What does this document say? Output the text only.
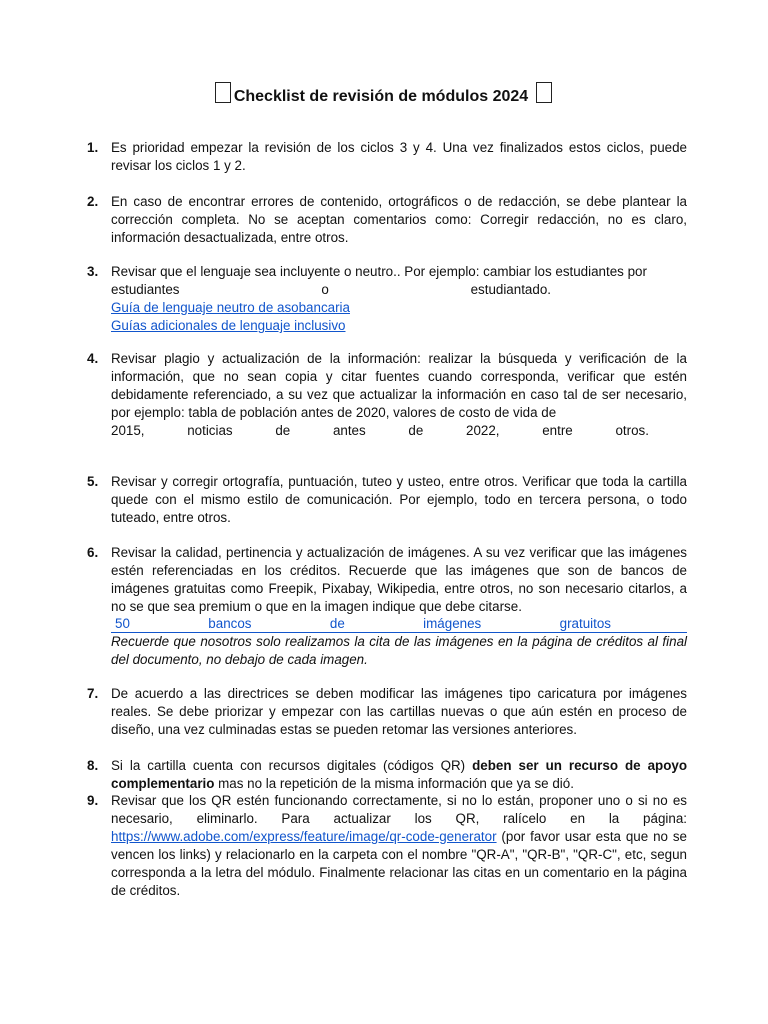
Checklist de revisión de módulos 2024
1. Es prioridad empezar la revisión de los ciclos 3 y 4. Una vez finalizados estos ciclos, puede revisar los ciclos 1 y 2.
2. En caso de encontrar errores de contenido, ortográficos o de redacción, se debe plantear la corrección completa. No se aceptan comentarios como: Corregir redacción, no es claro, información desactualizada, entre otros.
3. Revisar que el lenguaje sea incluyente o neutro.. Por ejemplo: cambiar los estudiantes por
estudiantes	o	estudiantado.
Guía de lenguaje neutro de asobancaria
Guías adicionales de lenguaje inclusivo
4. Revisar plagio y actualización de la información: realizar la búsqueda y verificación de la información, que no sean copia y citar fuentes cuando corresponda, verificar que estén debidamente referenciado, a su vez que actualizar la información en caso tal de ser necesario, por ejemplo: tabla de población antes de 2020, valores de costo de vida de
2015,	noticias	de	antes	de	2022,	entre	otros.
5. Revisar y corregir ortografía, puntuación, tuteo y usteo, entre otros. Verificar que toda la cartilla quede con el mismo estilo de comunicación. Por ejemplo, todo en tercera persona, o todo tuteado, entre otros.
6. Revisar la calidad, pertinencia y actualización de imágenes. A su vez verificar que las imágenes estén referenciadas en los créditos. Recuerde que las imágenes que son de bancos de imágenes gratuitas como Freepik, Pixabay, Wikipedia, entre otros, no son necesario citarlos, a no se que sea premium o que en la imagen indique que debe citarse.
50	bancos	de	imágenes	gratuitos
Recuerde que nosotros solo realizamos la cita de las imágenes en la página de créditos al final del documento, no debajo de cada imagen.
7. De acuerdo a las directrices se deben modificar las imágenes tipo caricatura por imágenes reales. Se debe priorizar y empezar con las cartillas nuevas o que aún estén en proceso de diseño, una vez culminadas estas se pueden retomar las versiones anteriores.
8. Si la cartilla cuenta con recursos digitales (códigos QR) deben ser un recurso de apoyo complementario mas no la repetición de la misma información que ya se dió.
9. Revisar que los QR estén funcionando correctamente, si no lo están, proponer uno o si no es necesario, eliminarlo. Para actualizar los QR, ralícelo en la página: https://www.adobe.com/express/feature/image/qr-code-generator (por favor usar esta que no se vencen los links) y relacionarlo en la carpeta con el nombre "QR-A", "QR-B", "QR-C", etc, segun corresponda a la letra del módulo. Finalmente relacionar las citas en un comentario en la página de créditos.
